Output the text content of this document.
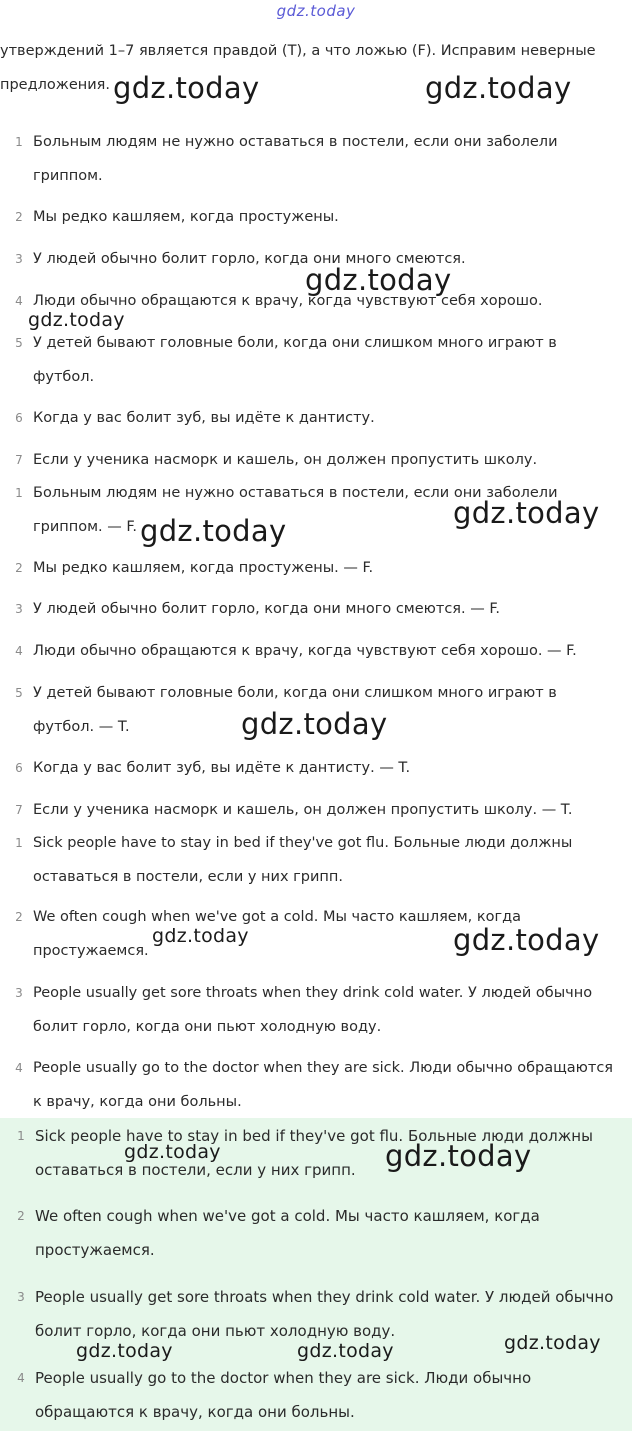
gdz.today

утверждений 1–7 является правдой (T), а что ложью (F). Исправим неверные предложения.

1 Больным людям не нужно оставаться в постели, если они заболели гриппом.
2 Мы редко кашляем, когда простужены.
3 У людей обычно болит горло, когда они много смеются.
4 Люди обычно обращаются к врачу, когда чувствуют себя хорошо.
5 У детей бывают головные боли, когда они слишком много играют в футбол.
6 Когда у вас болит зуб, вы идёте к дантисту.
7 Если у ученика насморк и кашель, он должен пропустить школу.
1 Больным людям не нужно оставаться в постели, если они заболели гриппом. — F.
2 Мы редко кашляем, когда простужены. — F.
3 У людей обычно болит горло, когда они много смеются. — F.
4 Люди обычно обращаются к врачу, когда чувствуют себя хорошо. — F.
5 У детей бывают головные боли, когда они слишком много играют в футбол. — T.
6 Когда у вас болит зуб, вы идёте к дантисту. — T.
7 Если у ученика насморк и кашель, он должен пропустить школу. — T.
1 Sick people have to stay in bed if they've got flu. Больные люди должны оставаться в постели, если у них грипп.
2 We often cough when we've got a cold. Мы часто кашляем, когда простужаемся.
3 People usually get sore throats when they drink cold water. У людей обычно болит горло, когда они пьют холодную воду.
4 People usually go to the doctor when they are sick. Люди обычно обращаются к врачу, когда они больны.
1 Sick people have to stay in bed if they've got flu. Больные люди должны оставаться в постели, если у них грипп.
2 We often cough when we've got a cold. Мы часто кашляем, когда простужаемся.
3 People usually get sore throats when they drink cold water. У людей обычно болит горло, когда они пьют холодную воду.
4 People usually go to the doctor when they are sick. Люди обычно обращаются к врачу, когда они больны.
gdz.today	gdz.today
gdz.today
gdz.today
gdz.today
gdz.today
gdz.today
gdz.today	gdz.today
gdz.today	gdz.today
gdz.today
gdz.today	gdz.today
